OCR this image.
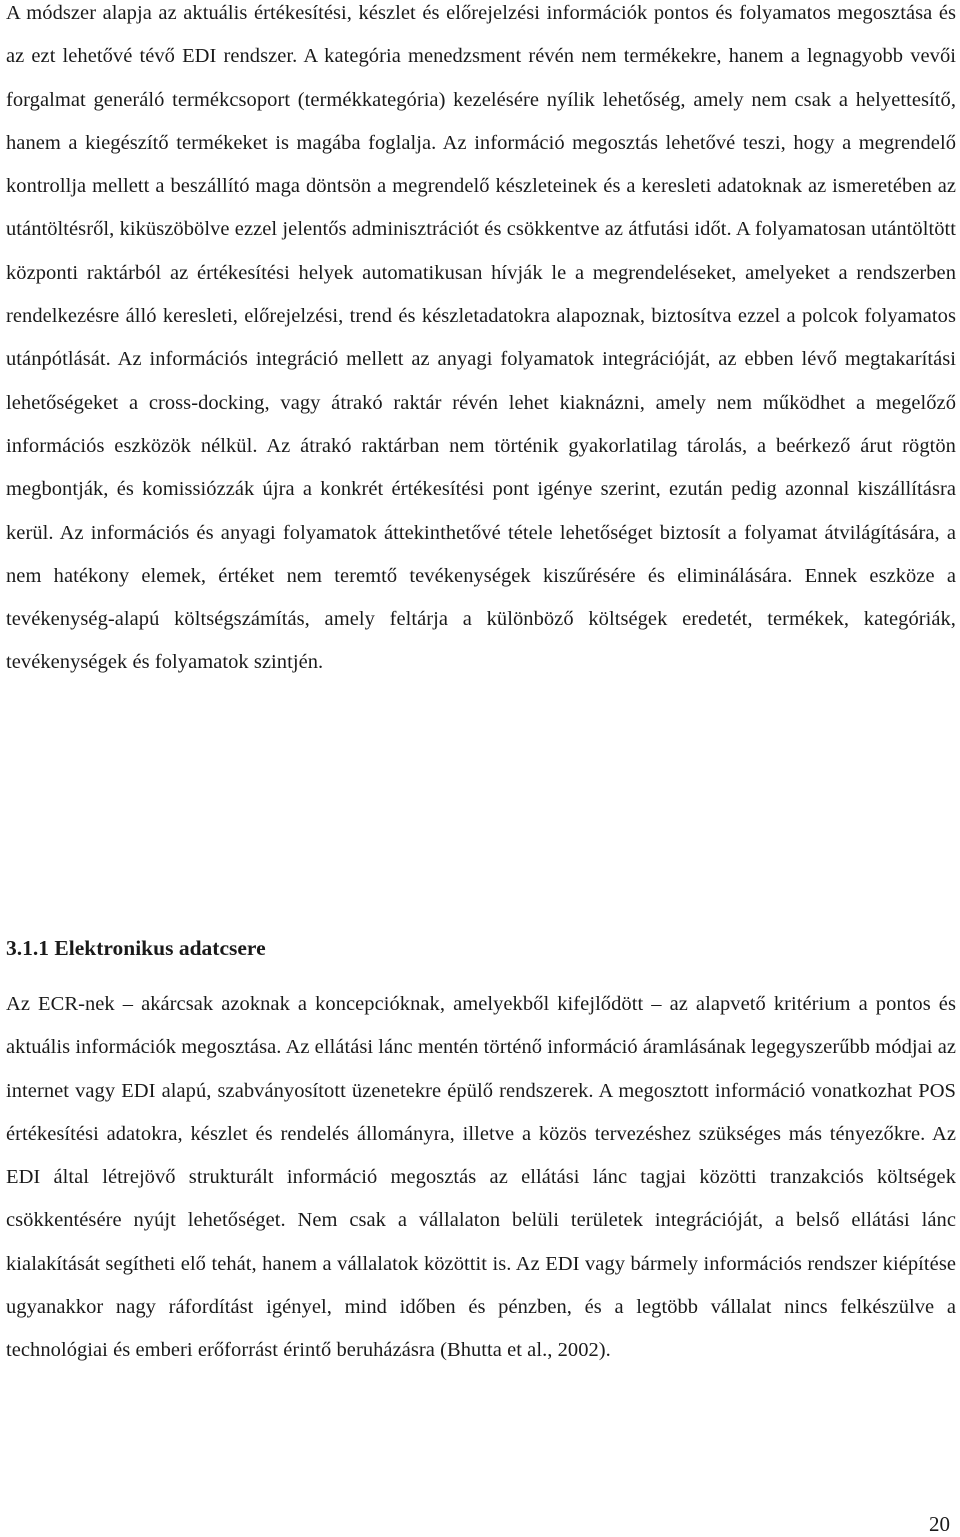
A módszer alapja az aktuális értékesítési, készlet és előrejelzési információk pontos és folyamatos megosztása és az ezt lehetővé tévő EDI rendszer. A kategória menedzsment révén nem termékekre, hanem a legnagyobb vevői forgalmat generáló termékcsoport (termékkategória) kezelésére nyílik lehetőség, amely nem csak a helyettesítő, hanem a kiegészítő termékeket is magába foglalja. Az információ megosztás lehetővé teszi, hogy a megrendelő kontrollja mellett a beszállító maga döntsön a megrendelő készleteinek és a keresleti adatoknak az ismeretében az utántöltésről, kiküszöbölve ezzel jelentős adminisztrációt és csökkentve az átfutási időt. A folyamatosan utántöltött központi raktárból az értékesítési helyek automatikusan hívják le a megrendeléseket, amelyeket a rendszerben rendelkezésre álló keresleti, előrejelzési, trend és készletadatokra alapoznak, biztosítva ezzel a polcok folyamatos utánpótlását. Az információs integráció mellett az anyagi folyamatok integrációját, az ebben lévő megtakarítási lehetőségeket a cross-docking, vagy átrakó raktár révén lehet kiaknázni, amely nem működhet a megelőző információs eszközök nélkül. Az átrakó raktárban nem történik gyakorlatilag tárolás, a beérkező árut rögtön megbontják, és komissiózzák újra a konkrét értékesítési pont igénye szerint, ezután pedig azonnal kiszállításra kerül. Az információs és anyagi folyamatok áttekinthetővé tétele lehetőséget biztosít a folyamat átvilágítására, a nem hatékony elemek, értéket nem teremtő tevékenységek kiszűrésére és eliminálására. Ennek eszköze a tevékenység-alapú költségszámítás, amely feltárja a különböző költségek eredetét, termékek, kategóriák, tevékenységek és folyamatok szintjén.

3.1.1 Elektronikus adatcsere

Az ECR-nek – akárcsak azoknak a koncepcióknak, amelyekből kifejlődött – az alapvető kritérium a pontos és aktuális információk megosztása. Az ellátási lánc mentén történő információ áramlásának legegyszerűbb módjai az internet vagy EDI alapú, szabványosított üzenetekre épülő rendszerek. A megosztott információ vonatkozhat POS értékesítési adatokra, készlet és rendelés állományra, illetve a közös tervezéshez szükséges más tényezőkre. Az EDI által létrejövő strukturált információ megosztás az ellátási lánc tagjai közötti tranzakciós költségek csökkentésére nyújt lehetőséget. Nem csak a vállalaton belüli területek integrációját, a belső ellátási lánc kialakítását segítheti elő tehát, hanem a vállalatok közöttit is. Az EDI vagy bármely információs rendszer kiépítése ugyanakkor nagy ráfordítást igényel, mind időben és pénzben, és a legtöbb vállalat nincs felkészülve a technológiai és emberi erőforrást érintő beruházásra (Bhutta et al., 2002).

20
